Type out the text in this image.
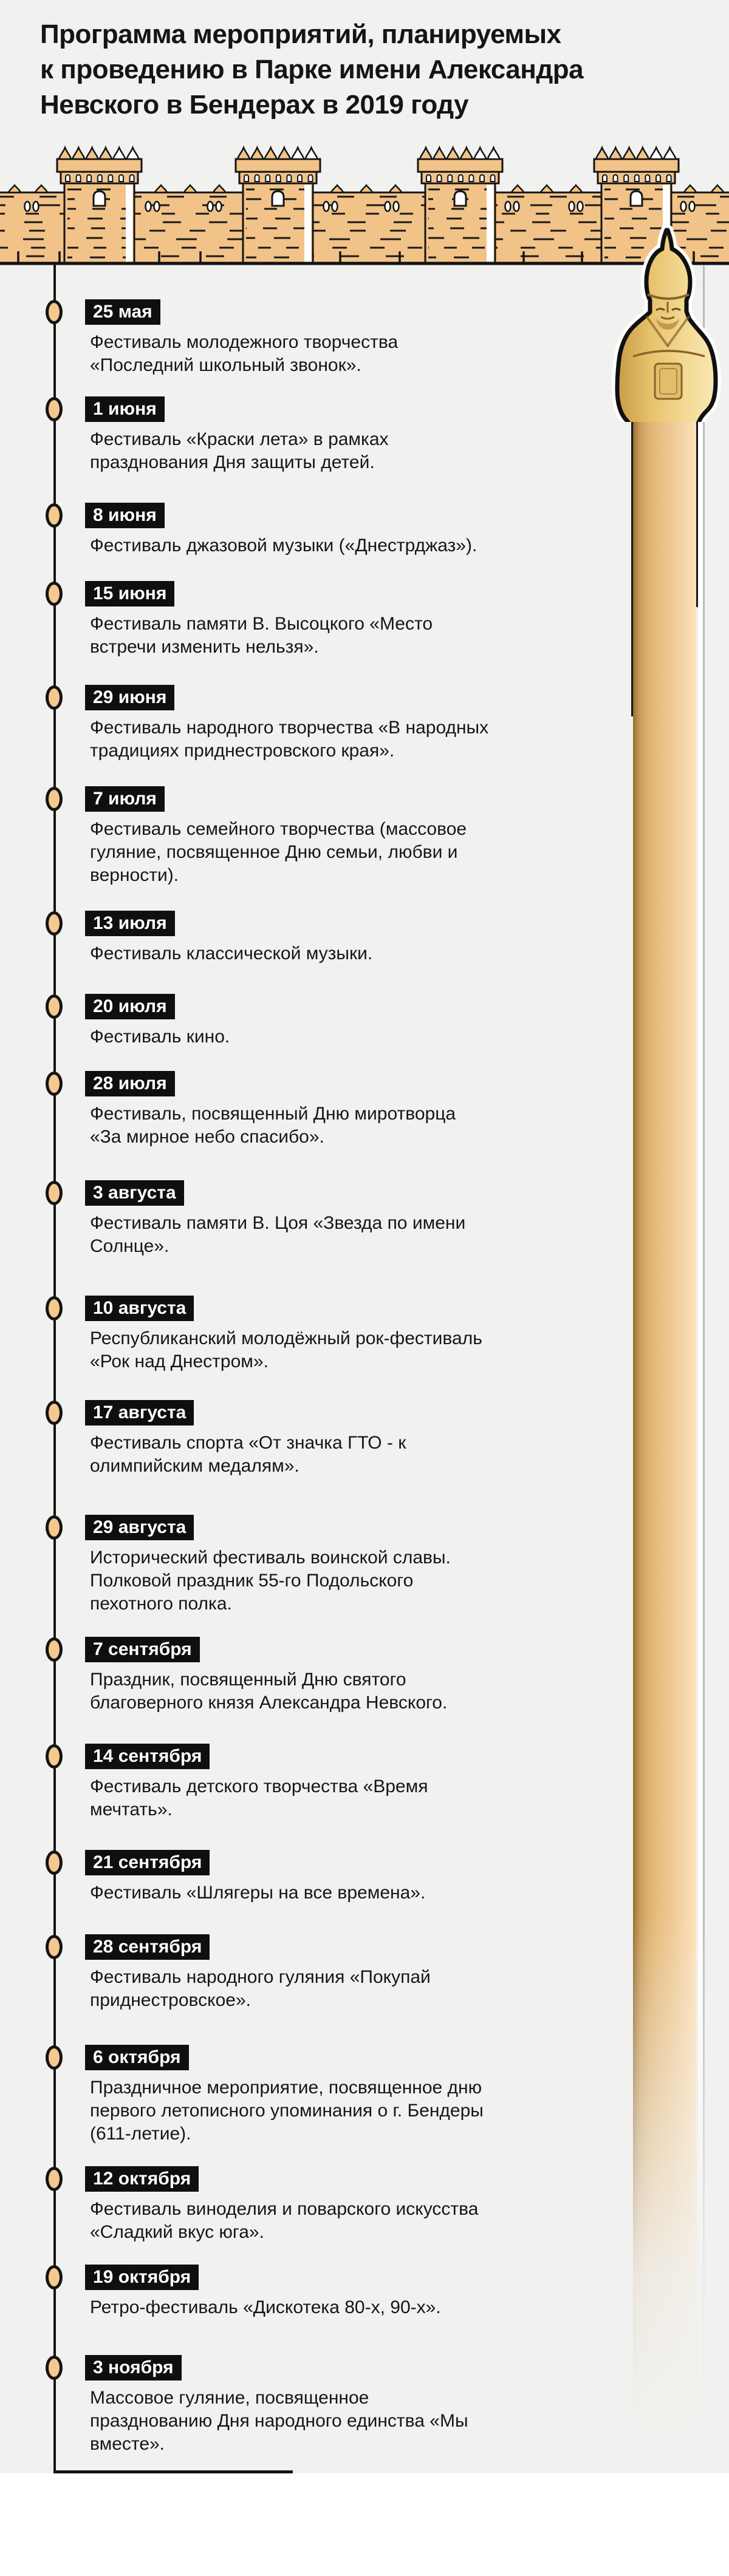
Программа мероприятий, планируемых
к проведению в Парке имени Александра
Невского в Бендерах в 2019 году
25 мая
Фестиваль молодежного творчества
«Последний школьный звонок».
1 июня
Фестиваль «Краски лета» в рамках
празднования Дня защиты детей.
8 июня
Фестиваль джазовой музыки («Днестрджаз»).
15 июня
Фестиваль памяти В. Высоцкого «Место
встречи изменить нельзя».
29 июня
Фестиваль народного творчества «В народных
традициях приднестровского края».
7 июля
Фестиваль семейного творчества (массовое
гуляние, посвященное Дню семьи, любви и
верности).
13 июля
Фестиваль классической музыки.
20 июля
Фестиваль кино.
28 июля
Фестиваль, посвященный Дню миротворца
«За мирное небо спасибо».
3 августа
Фестиваль памяти В. Цоя «Звезда по имени
Солнце».
10 августа
Республиканский молодёжный рок-фестиваль
«Рок над Днестром».
17 августа
Фестиваль спорта «От значка ГТО - к
олимпийским медалям».
29 августа
Исторический фестиваль воинской славы.
Полковой праздник 55-го Подольского
пехотного полка.
7 сентября
Праздник, посвященный Дню святого
благоверного князя Александра Невского.
14 сентября
Фестиваль детского творчества «Время
мечтать».
21 сентября
Фестиваль «Шлягеры на все времена».
28 сентября
Фестиваль народного гуляния «Покупай
приднестровское».
6 октября
Праздничное мероприятие, посвященное дню
первого летописного упоминания о г. Бендеры
(611-летие).
12 октября
Фестиваль виноделия и поварского искусства
«Сладкий вкус юга».
19 октября
Ретро-фестиваль «Дискотека 80-х, 90-х».
3 ноября
Массовое гуляние, посвященное
празднованию Дня народного единства «Мы
вместе».
